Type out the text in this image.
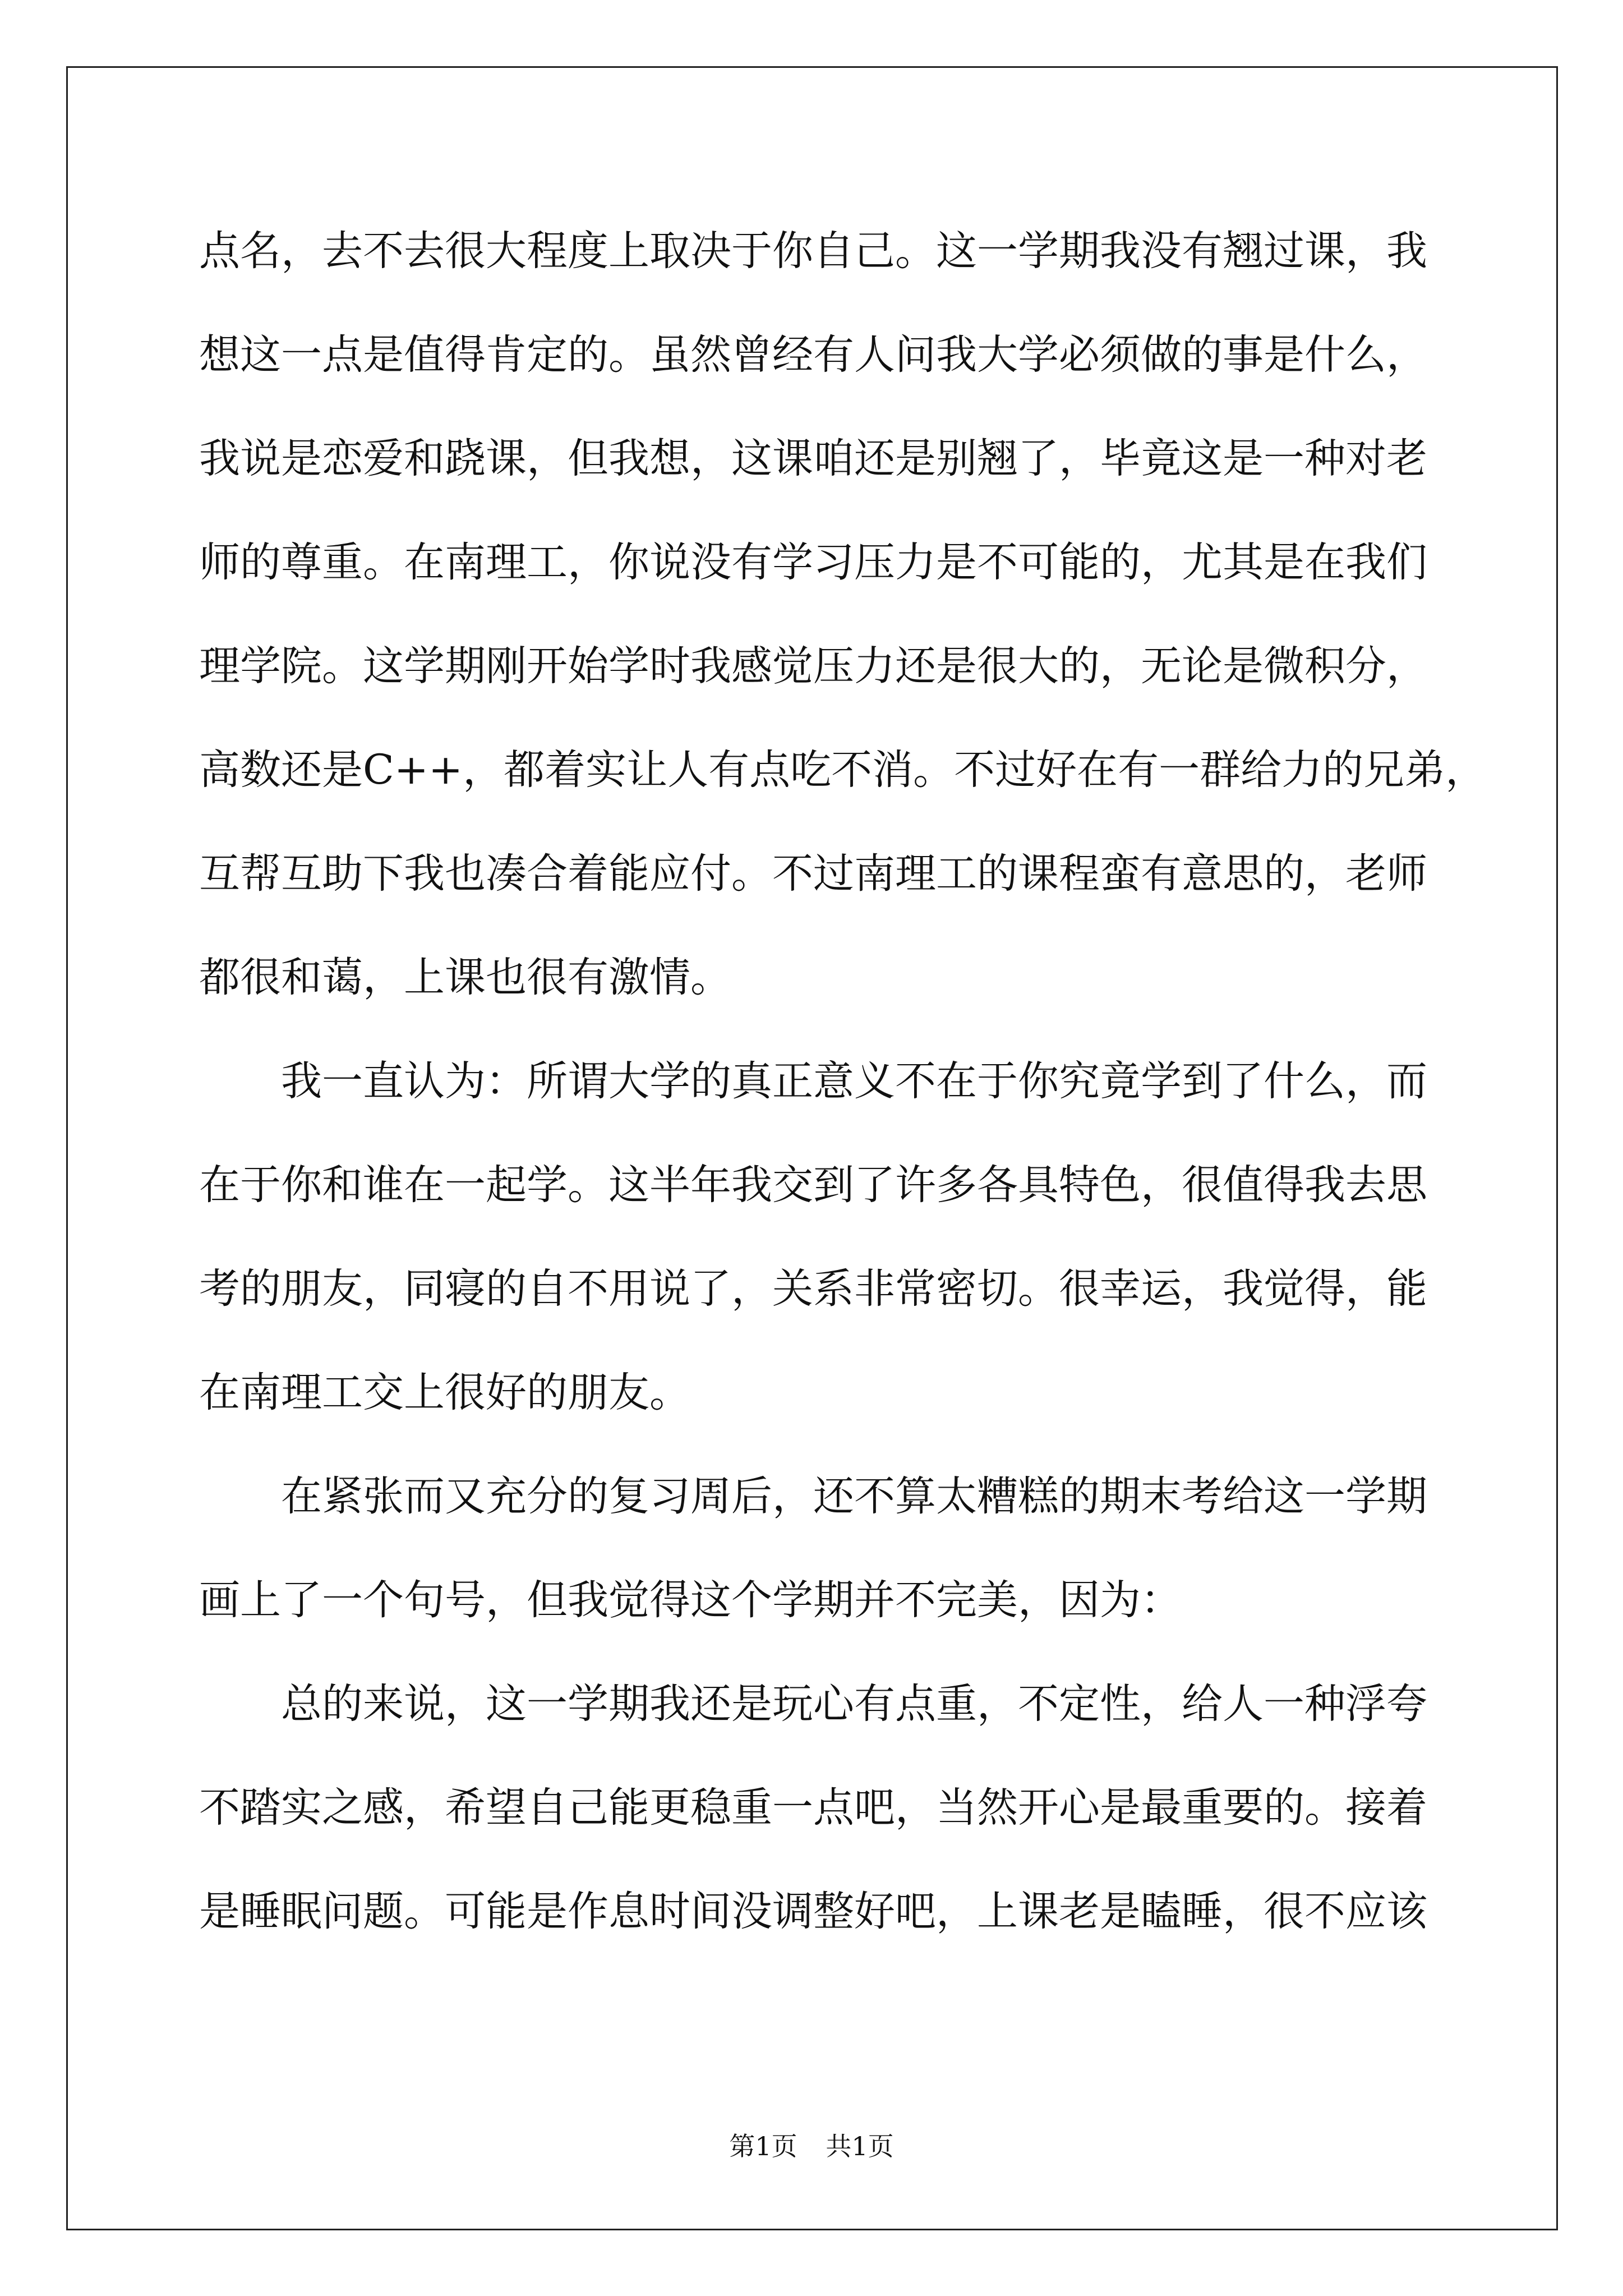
点名，去不去很大程度上取决于你自己。这一学期我没有翘过课，我
想这一点是值得肯定的。虽然曾经有人问我大学必须做的事是什么，
我说是恋爱和跷课，但我想，这课咱还是别翘了，毕竟这是一种对老
师的尊重。在南理工，你说没有学习压力是不可能的，尤其是在我们
理学院。这学期刚开始学时我感觉压力还是很大的，无论是微积分，
高数还是C++，都着实让人有点吃不消。不过好在有一群给力的兄弟，
互帮互助下我也凑合着能应付。不过南理工的课程蛮有意思的，老师
都很和蔼，上课也很有激情。
我一直认为：所谓大学的真正意义不在于你究竟学到了什么，而
在于你和谁在一起学。这半年我交到了许多各具特色，很值得我去思
考的朋友，同寝的自不用说了，关系非常密切。很幸运，我觉得，能
在南理工交上很好的朋友。
在紧张而又充分的复习周后，还不算太糟糕的期末考给这一学期
画上了一个句号，但我觉得这个学期并不完美，因为：
总的来说，这一学期我还是玩心有点重，不定性，给人一种浮夸
不踏实之感，希望自己能更稳重一点吧，当然开心是最重要的。接着
是睡眠问题。可能是作息时间没调整好吧，上课老是瞌睡，很不应该
第1页 共1页
